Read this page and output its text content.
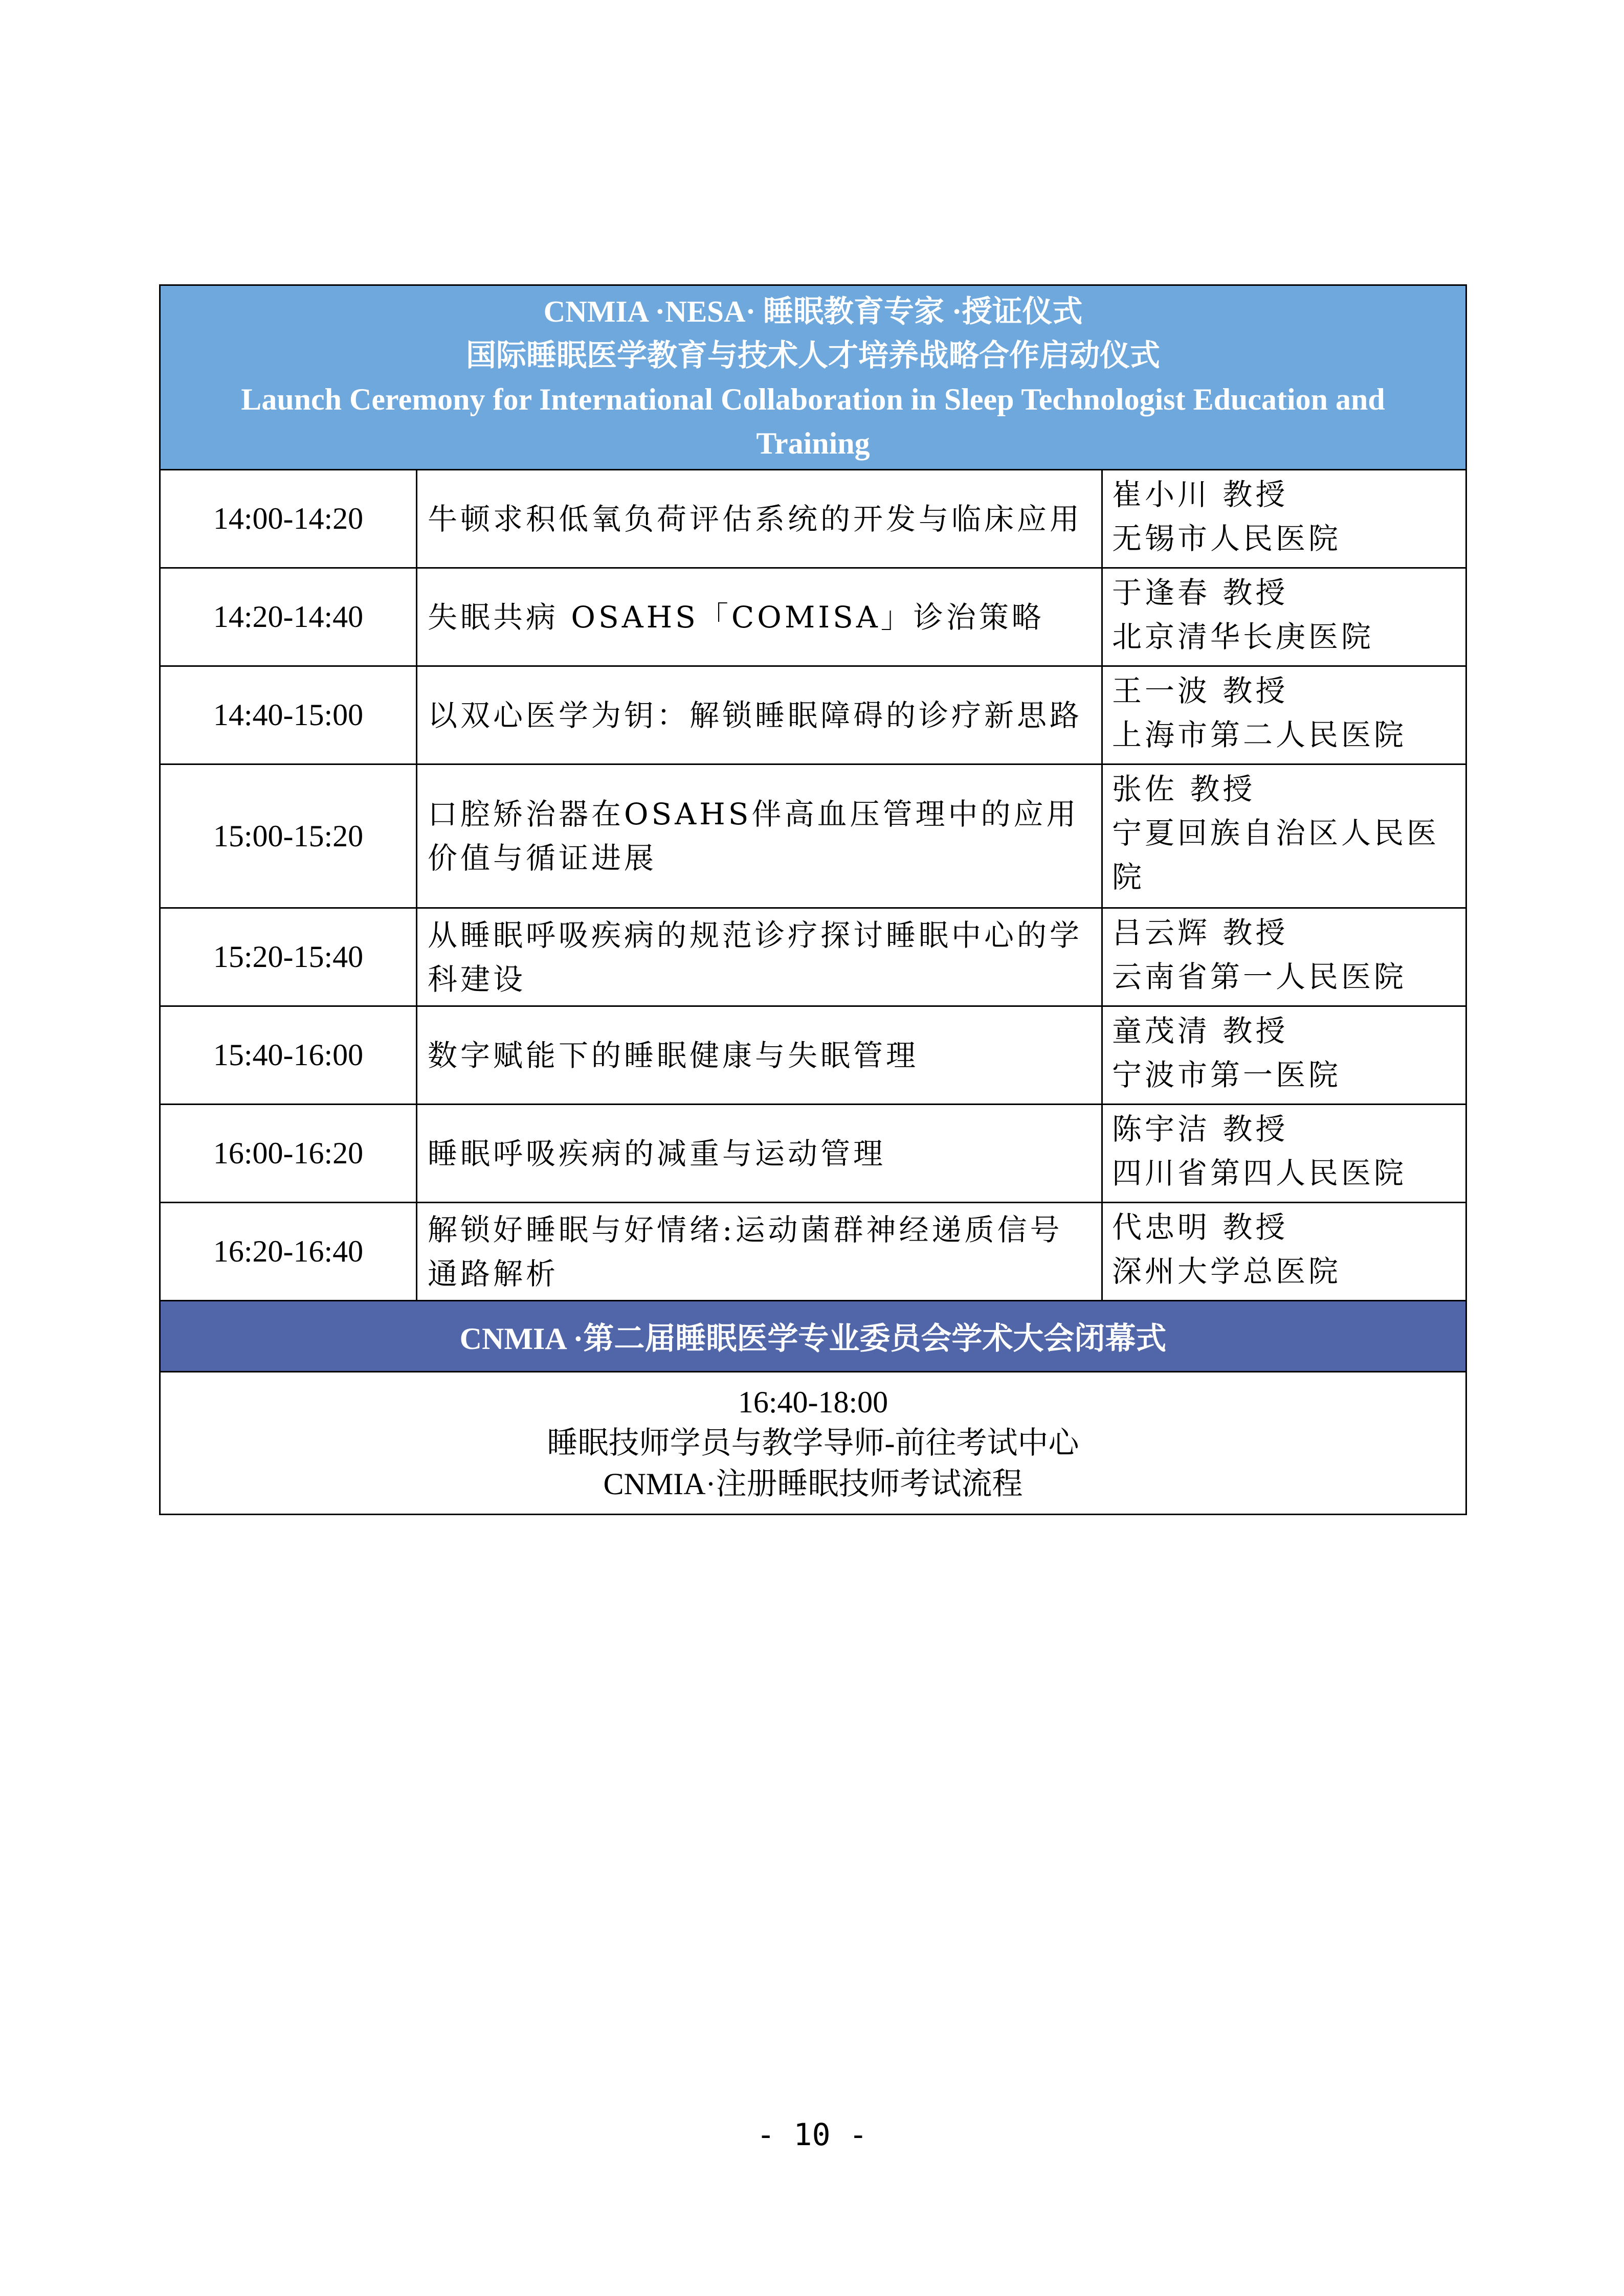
CNMIA ·NESA· 睡眠教育专家 ·授证仪式
国际睡眠医学教育与技术人才培养战略合作启动仪式
Launch Ceremony for International Collaboration in Sleep Technologist Education and
Training		

14:00-14:20	牛顿求积低氧负荷评估系统的开发与临床应用	崔小川 教授
无锡市人民医院

14:20-14:40	失眠共病 OSAHS「COMISA」诊治策略	于逢春 教授
北京清华长庚医院

14:40-15:00	以双心医学为钥：解锁睡眠障碍的诊疗新思路	王一波 教授
上海市第二人民医院

15:00-15:20	口腔矫治器在OSAHS伴高血压管理中的应用价值与循证进展	张佐 教授
宁夏回族自治区人民医院

15:20-15:40	从睡眠呼吸疾病的规范诊疗探讨睡眠中心的学科建设	吕云辉 教授
云南省第一人民医院

15:40-16:00	数字赋能下的睡眠健康与失眠管理	童茂清 教授
宁波市第一医院

16:00-16:20	睡眠呼吸疾病的减重与运动管理	陈宇洁 教授
四川省第四人民医院

16:20-16:40	解锁好睡眠与好情绪:运动菌群神经递质信号通路解析	代忠明 教授
深州大学总医院

CNMIA ·第二届睡眠医学专业委员会学术大会闭幕式		

16:40-18:00
睡眠技师学员与教学导师-前往考试中心
CNMIA·注册睡眠技师考试流程		
- 10 -
